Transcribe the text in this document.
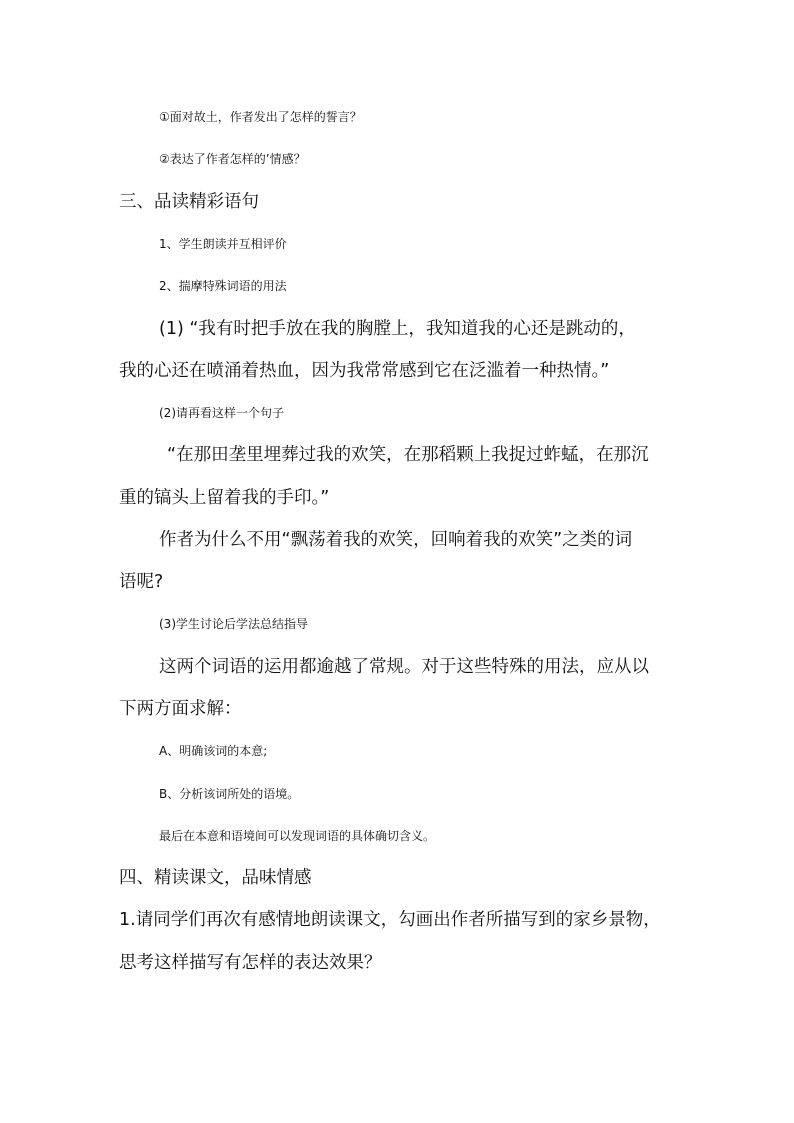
①面对故土，作者发出了怎样的誓言？
②表达了作者怎样的’情感？
三、品读精彩语句
1、学生朗读并互相评价
2、揣摩特殊词语的用法
(1) “我有时把手放在我的胸膛上，我知道我的心还是跳动的，
我的心还在喷涌着热血，因为我常常感到它在泛滥着一种热情。”
(2)请再看这样一个句子
“在那田垄里埋葬过我的欢笑，在那稻颗上我捉过蚱蜢，在那沉
重的镐头上留着我的手印。”
作者为什么不用“飘荡着我的欢笑，回响着我的欢笑”之类的词
语呢?
(3)学生讨论后学法总结指导
这两个词语的运用都逾越了常规。对于这些特殊的用法，应从以
下两方面求解：
A、明确该词的本意;
B、分析该词所处的语境。
最后在本意和语境间可以发现词语的具体确切含义。
四、精读课文，品味情感
1.请同学们再次有感情地朗读课文，勾画出作者所描写到的家乡景物，
思考这样描写有怎样的表达效果？
